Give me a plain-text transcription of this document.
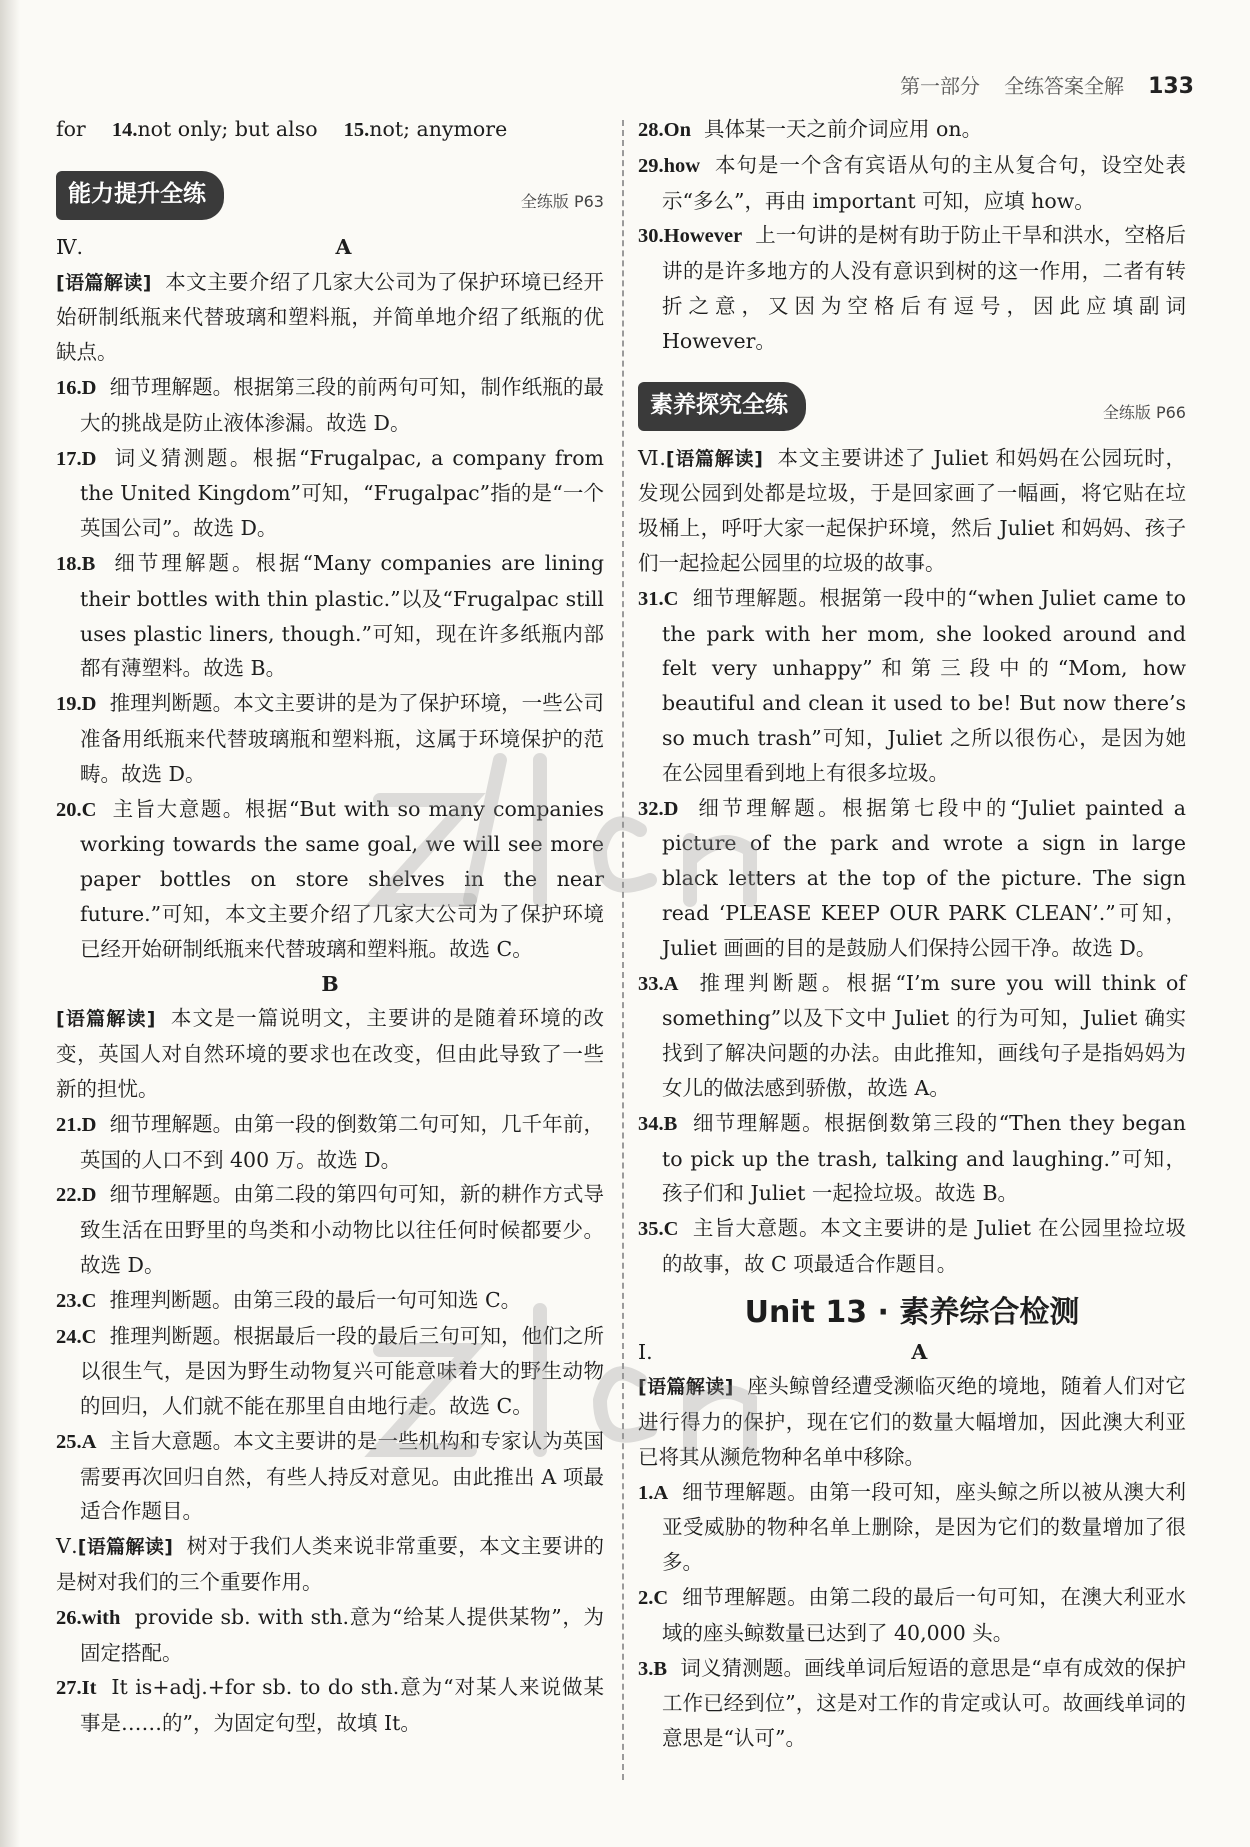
第一部分 全练答案全解 133

for 14.not only; but also 15.not; anymore

能力提升全练	全练版 P63
Ⅳ.	A

[语篇解读] 本文主要介绍了几家大公司为了保护环境已经开始研制纸瓶来代替玻璃和塑料瓶，并简单地介绍了纸瓶的优缺点。

16.D 细节理解题。根据第三段的前两句可知，制作纸瓶的最大的挑战是防止液体渗漏。故选 D。

17.D 词义猜测题。根据“Frugalpac, a company from the United Kingdom”可知，“Frugalpac”指的是“一个英国公司”。故选 D。

18.B 细节理解题。根据“Many companies are lining their bottles with thin plastic.”以及“Frugalpac still uses plastic liners, though.”可知，现在许多纸瓶内部都有薄塑料。故选 B。

19.D 推理判断题。本文主要讲的是为了保护环境，一些公司准备用纸瓶来代替玻璃瓶和塑料瓶，这属于环境保护的范畴。故选 D。

20.C 主旨大意题。根据“But with so many companies working towards the same goal, we will see more paper bottles on store shelves in the near future.”可知，本文主要介绍了几家大公司为了保护环境已经开始研制纸瓶来代替玻璃和塑料瓶。故选 C。

B

[语篇解读] 本文是一篇说明文，主要讲的是随着环境的改变，英国人对自然环境的要求也在改变，但由此导致了一些新的担忧。

21.D 细节理解题。由第一段的倒数第二句可知，几千年前，英国的人口不到 400 万。故选 D。

22.D 细节理解题。由第二段的第四句可知，新的耕作方式导致生活在田野里的鸟类和小动物比以往任何时候都要少。故选 D。

23.C 推理判断题。由第三段的最后一句可知选 C。

24.C 推理判断题。根据最后一段的最后三句可知，他们之所以很生气，是因为野生动物复兴可能意味着大的野生动物的回归，人们就不能在那里自由地行走。故选 C。

25.A 主旨大意题。本文主要讲的是一些机构和专家认为英国需要再次回归自然，有些人持反对意见。由此推出 A 项最适合作题目。

Ⅴ.[语篇解读] 树对于我们人类来说非常重要，本文主要讲的是树对我们的三个重要作用。

26.with provide sb. with sth.意为“给某人提供某物”，为固定搭配。

27.It It is+adj.+for sb. to do sth.意为“对某人来说做某事是……的”，为固定句型，故填 It。

28.On 具体某一天之前介词应用 on。

29.how 本句是一个含有宾语从句的主从复合句，设空处表示“多么”，再由 important 可知，应填 how。

30.However 上一句讲的是树有助于防止干旱和洪水，空格后讲的是许多地方的人没有意识到树的这一作用，二者有转折之意，又因为空格后有逗号，因此应填副词 However。

素养探究全练	全练版 P66

Ⅵ.[语篇解读] 本文主要讲述了 Juliet 和妈妈在公园玩时，发现公园到处都是垃圾，于是回家画了一幅画，将它贴在垃圾桶上，呼吁大家一起保护环境，然后 Juliet 和妈妈、孩子们一起捡起公园里的垃圾的故事。

31.C 细节理解题。根据第一段中的“when Juliet came to the park with her mom, she looked around and felt very unhappy”和第三段中的“Mom, how beautiful and clean it used to be! But now there’s so much trash”可知，Juliet 之所以很伤心，是因为她在公园里看到地上有很多垃圾。

32.D 细节理解题。根据第七段中的“Juliet painted a picture of the park and wrote a sign in large black letters at the top of the picture. The sign read ‘PLEASE KEEP OUR PARK CLEAN’.”可知，Juliet 画画的目的是鼓励人们保持公园干净。故选 D。

33.A 推理判断题。根据“I’m sure you will think of something”以及下文中 Juliet 的行为可知，Juliet 确实找到了解决问题的办法。由此推知，画线句子是指妈妈为女儿的做法感到骄傲，故选 A。

34.B 细节理解题。根据倒数第三段的“Then they began to pick up the trash, talking and laughing.”可知，孩子们和 Juliet 一起捡垃圾。故选 B。

35.C 主旨大意题。本文主要讲的是 Juliet 在公园里捡垃圾的故事，故 C 项最适合作题目。

Unit 13 · 素养综合检测
Ⅰ.	A

[语篇解读] 座头鲸曾经遭受濒临灭绝的境地，随着人们对它进行得力的保护，现在它们的数量大幅增加，因此澳大利亚已将其从濒危物种名单中移除。

1.A 细节理解题。由第一段可知，座头鲸之所以被从澳大利亚受威胁的物种名单上删除，是因为它们的数量增加了很多。

2.C 细节理解题。由第二段的最后一句可知，在澳大利亚水域的座头鲸数量已达到了 40,000 头。

3.B 词义猜测题。画线单词后短语的意思是“卓有成效的保护工作已经到位”，这是对工作的肯定或认可。故画线单词的意思是“认可”。
